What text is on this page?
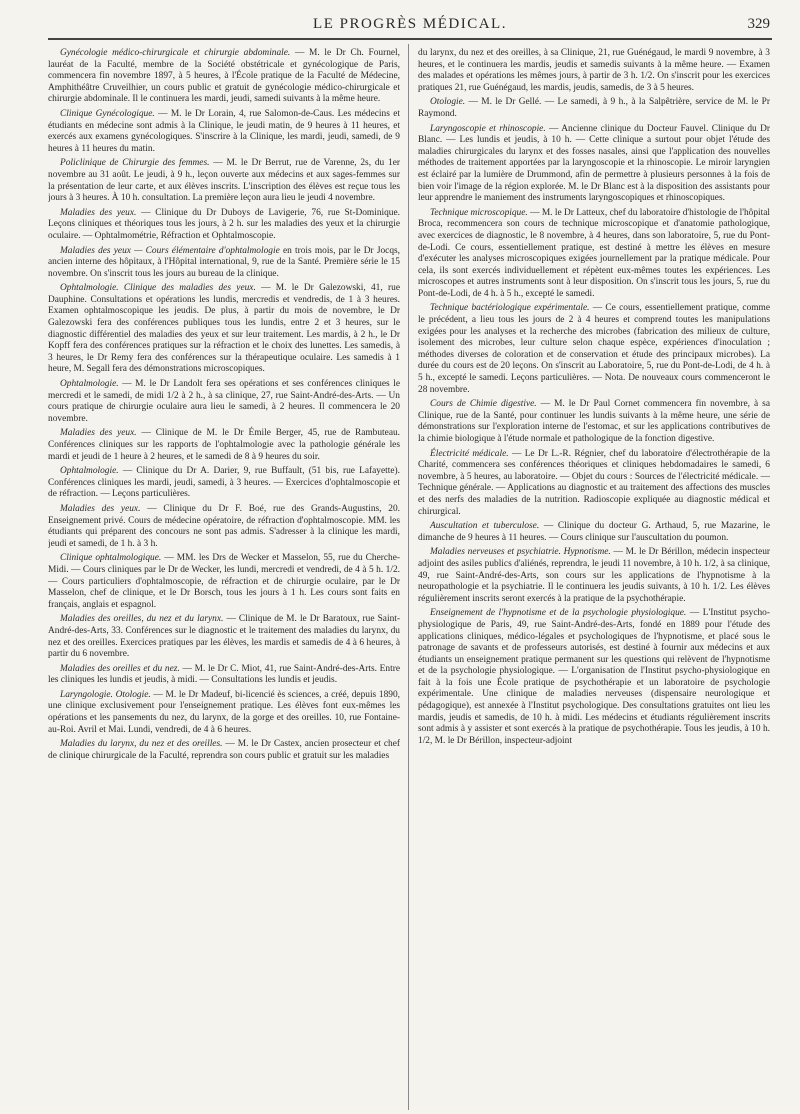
LE PROGRÈS MÉDICAL.	329

Gynécologie médico-chirurgicale et chirurgie abdominale. — M. le Dr Ch. Fournel, lauréat de la Faculté, membre de la Société obstétricale et gynécologique de Paris, commencera fin novembre 1897, à 5 heures, à l'École pratique de la Faculté de Médecine, Amphithéâtre Cruveilhier, un cours public et gratuit de gynécologie médico-chirurgicale et chirurgie abdominale. Il le continuera les mardi, jeudi, samedi suivants à la même heure.

Clinique Gynécologique. — M. le Dr Lorain, 4, rue Salomon-de-Caus. Les médecins et étudiants en médecine sont admis à la Clinique, le jeudi matin, de 9 heures à 11 heures, et exercés aux examens gynécologiques. S'inscrire à la Clinique, les mardi, jeudi, samedi, de 9 heures à 11 heures du matin.

Policlinique de Chirurgie des femmes. — M. le Dr Berrut, rue de Varenne, 2s, du 1er novembre au 31 août. Le jeudi, à 9 h., leçon ouverte aux médecins et aux sages-femmes sur la présentation de leur carte, et aux élèves inscrits. L'inscription des élèves est reçue tous les jours à 3 heures. À 10 h. consultation. La première leçon aura lieu le jeudi 4 novembre.

Maladies des yeux. — Clinique du Dr Duboys de Lavigerie, 76, rue St-Dominique. Leçons cliniques et théoriques tous les jours, à 2 h. sur les maladies des yeux et la chirurgie oculaire. — Ophtalmométrie, Réfraction et Ophtalmoscopie.

Maladies des yeux — Cours élémentaire d'ophtalmologie en trois mois, par le Dr Jocqs, ancien interne des hôpitaux, à l'Hôpital international, 9, rue de la Santé. Première série le 15 novembre. On s'inscrit tous les jours au bureau de la clinique.

Ophtalmologie. Clinique des maladies des yeux. — M. le Dr Galezowski, 41, rue Dauphine. Consultations et opérations les lundis, mercredis et vendredis, de 1 à 3 heures. Examen ophtalmoscopique les jeudis. De plus, à partir du mois de novembre, le Dr Galezowski fera des conférences publiques tous les lundis, entre 2 et 3 heures, sur le diagnostic différentiel des maladies des yeux et sur leur traitement. Les mardis, à 2 h., le Dr Kopff fera des conférences pratiques sur la réfraction et le choix des lunettes. Les samedis, à 3 heures, le Dr Remy fera des conférences sur la thérapeutique oculaire. Les samedis à 1 heure, M. Segall fera des démonstrations microscopiques.

Ophtalmologie. — M. le Dr Landolt fera ses opérations et ses conférences cliniques le mercredi et le samedi, de midi 1/2 à 2 h., à sa clinique, 27, rue Saint-André-des-Arts. — Un cours pratique de chirurgie oculaire aura lieu le samedi, à 2 heures. Il commencera le 20 novembre.

Maladies des yeux. — Clinique de M. le Dr Émile Berger, 45, rue de Rambuteau. Conférences cliniques sur les rapports de l'ophtalmologie avec la pathologie générale les mardi et jeudi de 1 heure à 2 heures, et le samedi de 8 à 9 heures du soir.

Ophtalmologie. — Clinique du Dr A. Darier, 9, rue Buffault, (51 bis, rue Lafayette). Conférences cliniques les mardi, jeudi, samedi, à 3 heures. — Exercices d'ophtalmoscopie et de réfraction. — Leçons particulières.

Maladies des yeux. — Clinique du Dr F. Boé, rue des Grands-Augustins, 20. Enseignement privé. Cours de médecine opératoire, de réfraction d'ophtalmoscopie. MM. les étudiants qui préparent des concours ne sont pas admis. S'adresser à la clinique les mardi, jeudi et samedi, de 1 h. à 3 h.

Clinique ophtalmologique. — MM. les Drs de Wecker et Masselon, 55, rue du Cherche-Midi. — Cours cliniques par le Dr de Wecker, les lundi, mercredi et vendredi, de 4 à 5 h. 1/2. — Cours particuliers d'ophtalmoscopie, de réfraction et de chirurgie oculaire, par le Dr Masselon, chef de clinique, et le Dr Borsch, tous les jours à 1 h. Les cours sont faits en français, anglais et espagnol.

Maladies des oreilles, du nez et du larynx. — Clinique de M. le Dr Baratoux, rue Saint-André-des-Arts, 33. Conférences sur le diagnostic et le traitement des maladies du larynx, du nez et des oreilles. Exercices pratiques par les élèves, les mardis et samedis de 4 à 6 heures, à partir du 6 novembre.

Maladies des oreilles et du nez. — M. le Dr C. Miot, 41, rue Saint-André-des-Arts. Entre les cliniques les lundis et jeudis, à midi. — Consultations les lundis et jeudis.

Laryngologie. Otologie. — M. le Dr Madeuf, bi-licencié ès sciences, a créé, depuis 1890, une clinique exclusivement pour l'enseignement pratique. Les élèves font eux-mêmes les opérations et les pansements du nez, du larynx, de la gorge et des oreilles. 10, rue Fontaine-au-Roi. Avril et Mai. Lundi, vendredi, de 4 à 6 heures.

Maladies du larynx, du nez et des oreilles. — M. le Dr Castex, ancien prosecteur et chef de clinique chirurgicale de la Faculté, reprendra son cours public et gratuit sur les maladies

du larynx, du nez et des oreilles, à sa Clinique, 21, rue Guénégaud, le mardi 9 novembre, à 3 heures, et le continuera les mardis, jeudis et samedis suivants à la même heure. — Examen des malades et opérations les mêmes jours, à partir de 3 h. 1/2. On s'inscrit pour les exercices pratiques 21, rue Guénégaud, les mardis, jeudis, samedis, de 3 à 5 heures.

Otologie. — M. le Dr Gellé. — Le samedi, à 9 h., à la Salpêtrière, service de M. le Pr Raymond.

Laryngoscopie et rhinoscopie. — Ancienne clinique du Docteur Fauvel. Clinique du Dr Blanc. — Les lundis et jeudis, à 10 h. — Cette clinique a surtout pour objet l'étude des maladies chirurgicales du larynx et des fosses nasales, ainsi que l'application des nouvelles méthodes de traitement apportées par la laryngoscopie et la rhinoscopie. Le miroir laryngien est éclairé par la lumière de Drummond, afin de permettre à plusieurs personnes à la fois de bien voir l'image de la région explorée. M. le Dr Blanc est à la disposition des assistants pour leur apprendre le maniement des instruments laryngoscopiques et rhinoscopiques.

Technique microscopique. — M. le Dr Latteux, chef du laboratoire d'histologie de l'hôpital Broca, recommencera son cours de technique microscopique et d'anatomie pathologique, avec exercices de diagnostic, le 8 novembre, à 4 heures, dans son laboratoire, 5, rue du Pont-de-Lodi. Ce cours, essentiellement pratique, est destiné à mettre les élèves en mesure d'exécuter les analyses microscopiques exigées journellement par la pratique médicale. Pour cela, ils sont exercés individuellement et répètent eux-mêmes toutes les expériences. Les microscopes et autres instruments sont à leur disposition. On s'inscrit tous les jours, 5, rue du Pont-de-Lodi, de 4 h. à 5 h., excepté le samedi.

Technique bactériologique expérimentale. — Ce cours, essentiellement pratique, comme le précédent, a lieu tous les jours de 2 à 4 heures et comprend toutes les manipulations exigées pour les analyses et la recherche des microbes (fabrication des milieux de culture, isolement des microbes, leur culture selon chaque espèce, expériences d'inoculation ; méthodes diverses de coloration et de conservation et étude des principaux microbes). La durée du cours est de 20 leçons. On s'inscrit au Laboratoire, 5, rue du Pont-de-Lodi, de 4 h. à 5 h., excepté le samedi. Leçons particulières. — Nota. De nouveaux cours commenceront le 28 novembre.

Cours de Chimie digestive. — M. le Dr Paul Cornet commencera fin novembre, à sa Clinique, rue de la Santé, pour continuer les lundis suivants à la même heure, une série de démonstrations sur l'exploration interne de l'estomac, et sur les applications contributives de la chimie biologique à l'étude normale et pathologique de la fonction digestive.

Électricité médicale. — Le Dr L.-R. Régnier, chef du laboratoire d'électrothérapie de la Charité, commencera ses conférences théoriques et cliniques hebdomadaires le samedi, 6 novembre, à 5 heures, au laboratoire. — Objet du cours : Sources de l'électricité médicale. — Technique générale. — Applications au diagnostic et au traitement des affections des muscles et des nerfs des maladies de la nutrition. Radioscopie expliquée au diagnostic médical et chirurgical.

Auscultation et tuberculose. — Clinique du docteur G. Arthaud, 5, rue Mazarine, le dimanche de 9 heures à 11 heures. — Cours clinique sur l'auscultation du poumon.

Maladies nerveuses et psychiatrie. Hypnotisme. — M. le Dr Bérillon, médecin inspecteur adjoint des asiles publics d'aliénés, reprendra, le jeudi 11 novembre, à 10 h. 1/2, à sa clinique, 49, rue Saint-André-des-Arts, son cours sur les applications de l'hypnotisme à la neuropathologie et la psychiatrie. Il le continuera les jeudis suivants, à 10 h. 1/2. Les élèves régulièrement inscrits seront exercés à la pratique de la psychothérapie.

Enseignement de l'hypnotisme et de la psychologie physiologique. — L'Institut psycho-physiologique de Paris, 49, rue Saint-André-des-Arts, fondé en 1889 pour l'étude des applications cliniques, médico-légales et psychologiques de l'hypnotisme, et placé sous le patronage de savants et de professeurs autorisés, est destiné à fournir aux médecins et aux étudiants un enseignement pratique permanent sur les questions qui relèvent de l'hypnotisme et de la psychologie physiologique. — L'organisation de l'Institut psycho-physiologique en fait à la fois une École pratique de psychothérapie et un laboratoire de psychologie expérimentale. Une clinique de maladies nerveuses (dispensaire neurologique et pédagogique), est annexée à l'Institut psychologique. Des consultations gratuites ont lieu les mardis, jeudis et samedis, de 10 h. à midi. Les médecins et étudiants régulièrement inscrits sont admis à y assister et sont exercés à la pratique de psychothérapie. Tous les jeudis, à 10 h. 1/2, M. le Dr Bérillon, inspecteur-adjoint
